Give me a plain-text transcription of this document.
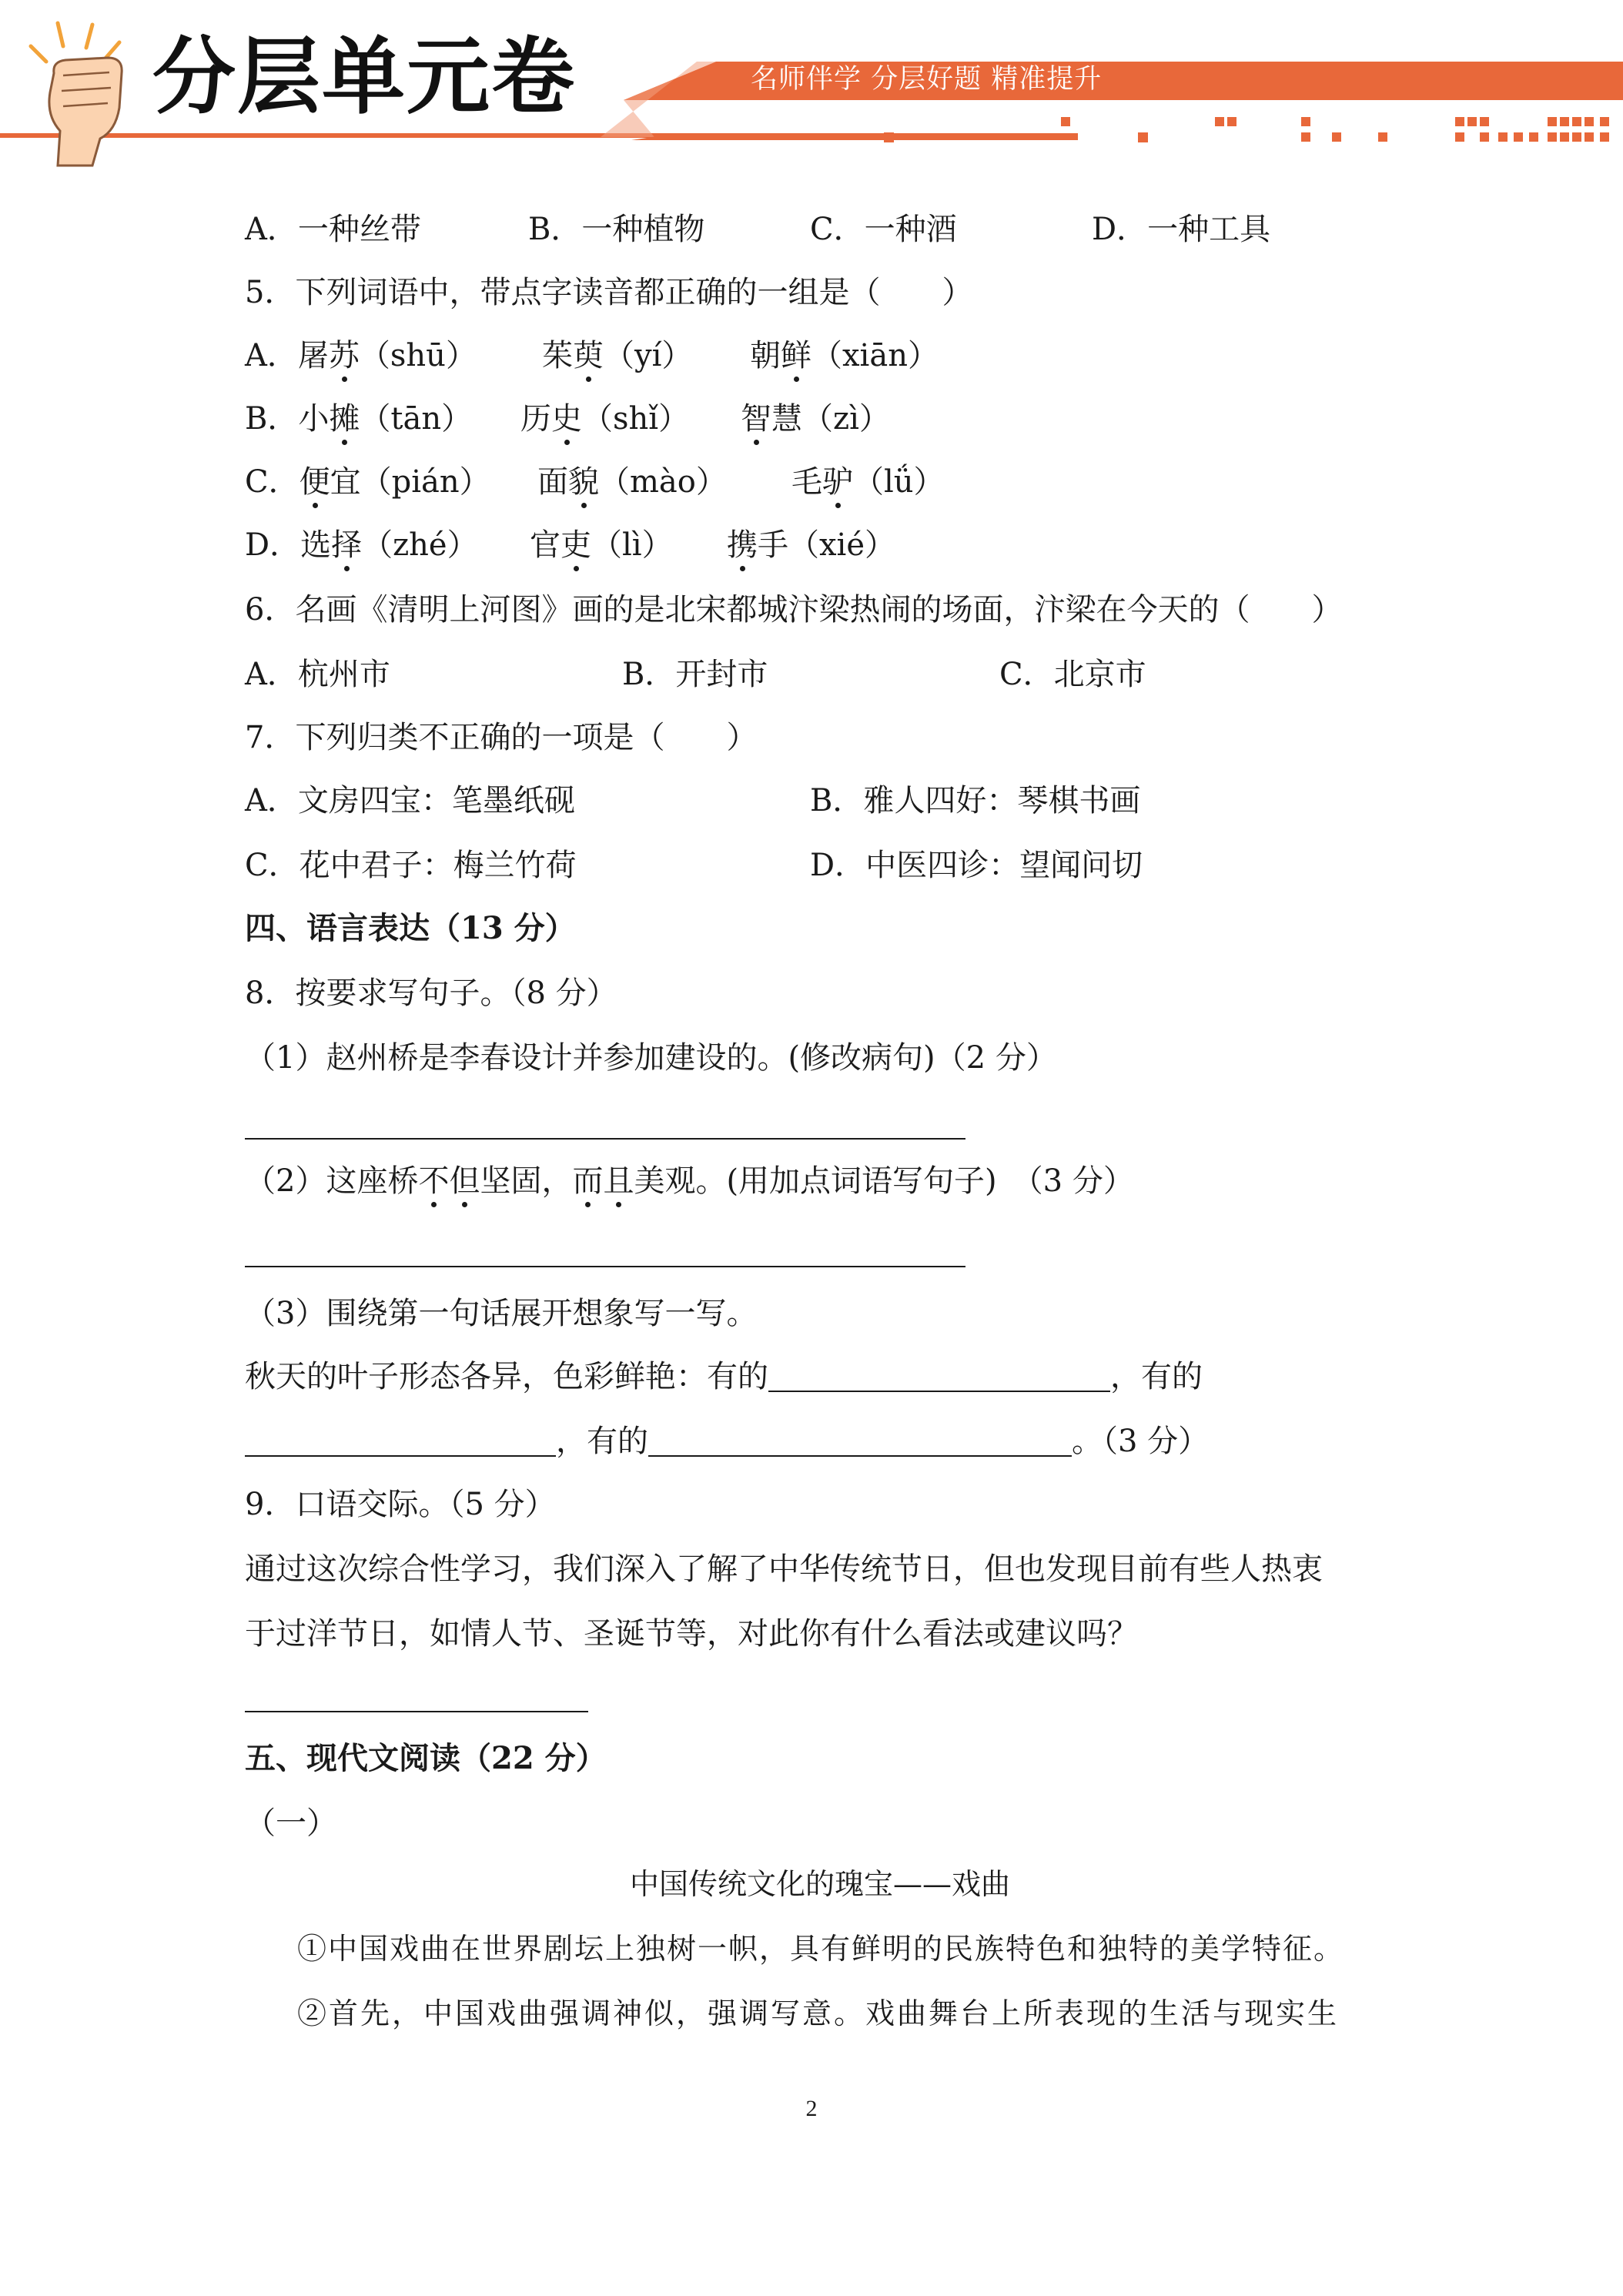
分层单元卷	名师伴学 分层好题 精准提升
A．一种丝带	B．一种植物	C．一种酒	D．一种工具
5．下列词语中，带点字读音都正确的一组是（　　）
A．屠苏（shū） 茱萸（yí） 朝鲜（xiān）
B．小摊（tān） 历史（shǐ） 智慧（zì）
C．便宜（pián） 面貌（mào） 毛驴（lǘ）
D．选择（zhé） 官吏（lì） 携手（xié）
6．名画《清明上河图》画的是北宋都城汴梁热闹的场面，汴梁在今天的（　　）
A．杭州市	B．开封市	C．北京市
7．下列归类不正确的一项是（　　）
A．文房四宝：笔墨纸砚	B．雅人四好：琴棋书画
C．花中君子：梅兰竹荷	D．中医四诊：望闻问切
四、语言表达（13 分）
8．按要求写句子。（8 分）
（1）赵州桥是李春设计并参加建设的。(修改病句)（2 分）
（2）这座桥不但坚固，而且美观。(用加点词语写句子)　（3 分）
（3）围绕第一句话展开想象写一写。
秋天的叶子形态各异，色彩鲜艳：有的	，有的
，有的	。（3 分）
9．口语交际。（5 分）
通过这次综合性学习，我们深入了解了中华传统节日，但也发现目前有些人热衷
于过洋节日，如情人节、圣诞节等，对此你有什么看法或建议吗？
五、现代文阅读（22 分）
（一）
中国传统文化的瑰宝——戏曲
①中国戏曲在世界剧坛上独树一帜，具有鲜明的民族特色和独特的美学特征。
②首先，中国戏曲强调神似，强调写意。戏曲舞台上所表现的生活与现实生
2
